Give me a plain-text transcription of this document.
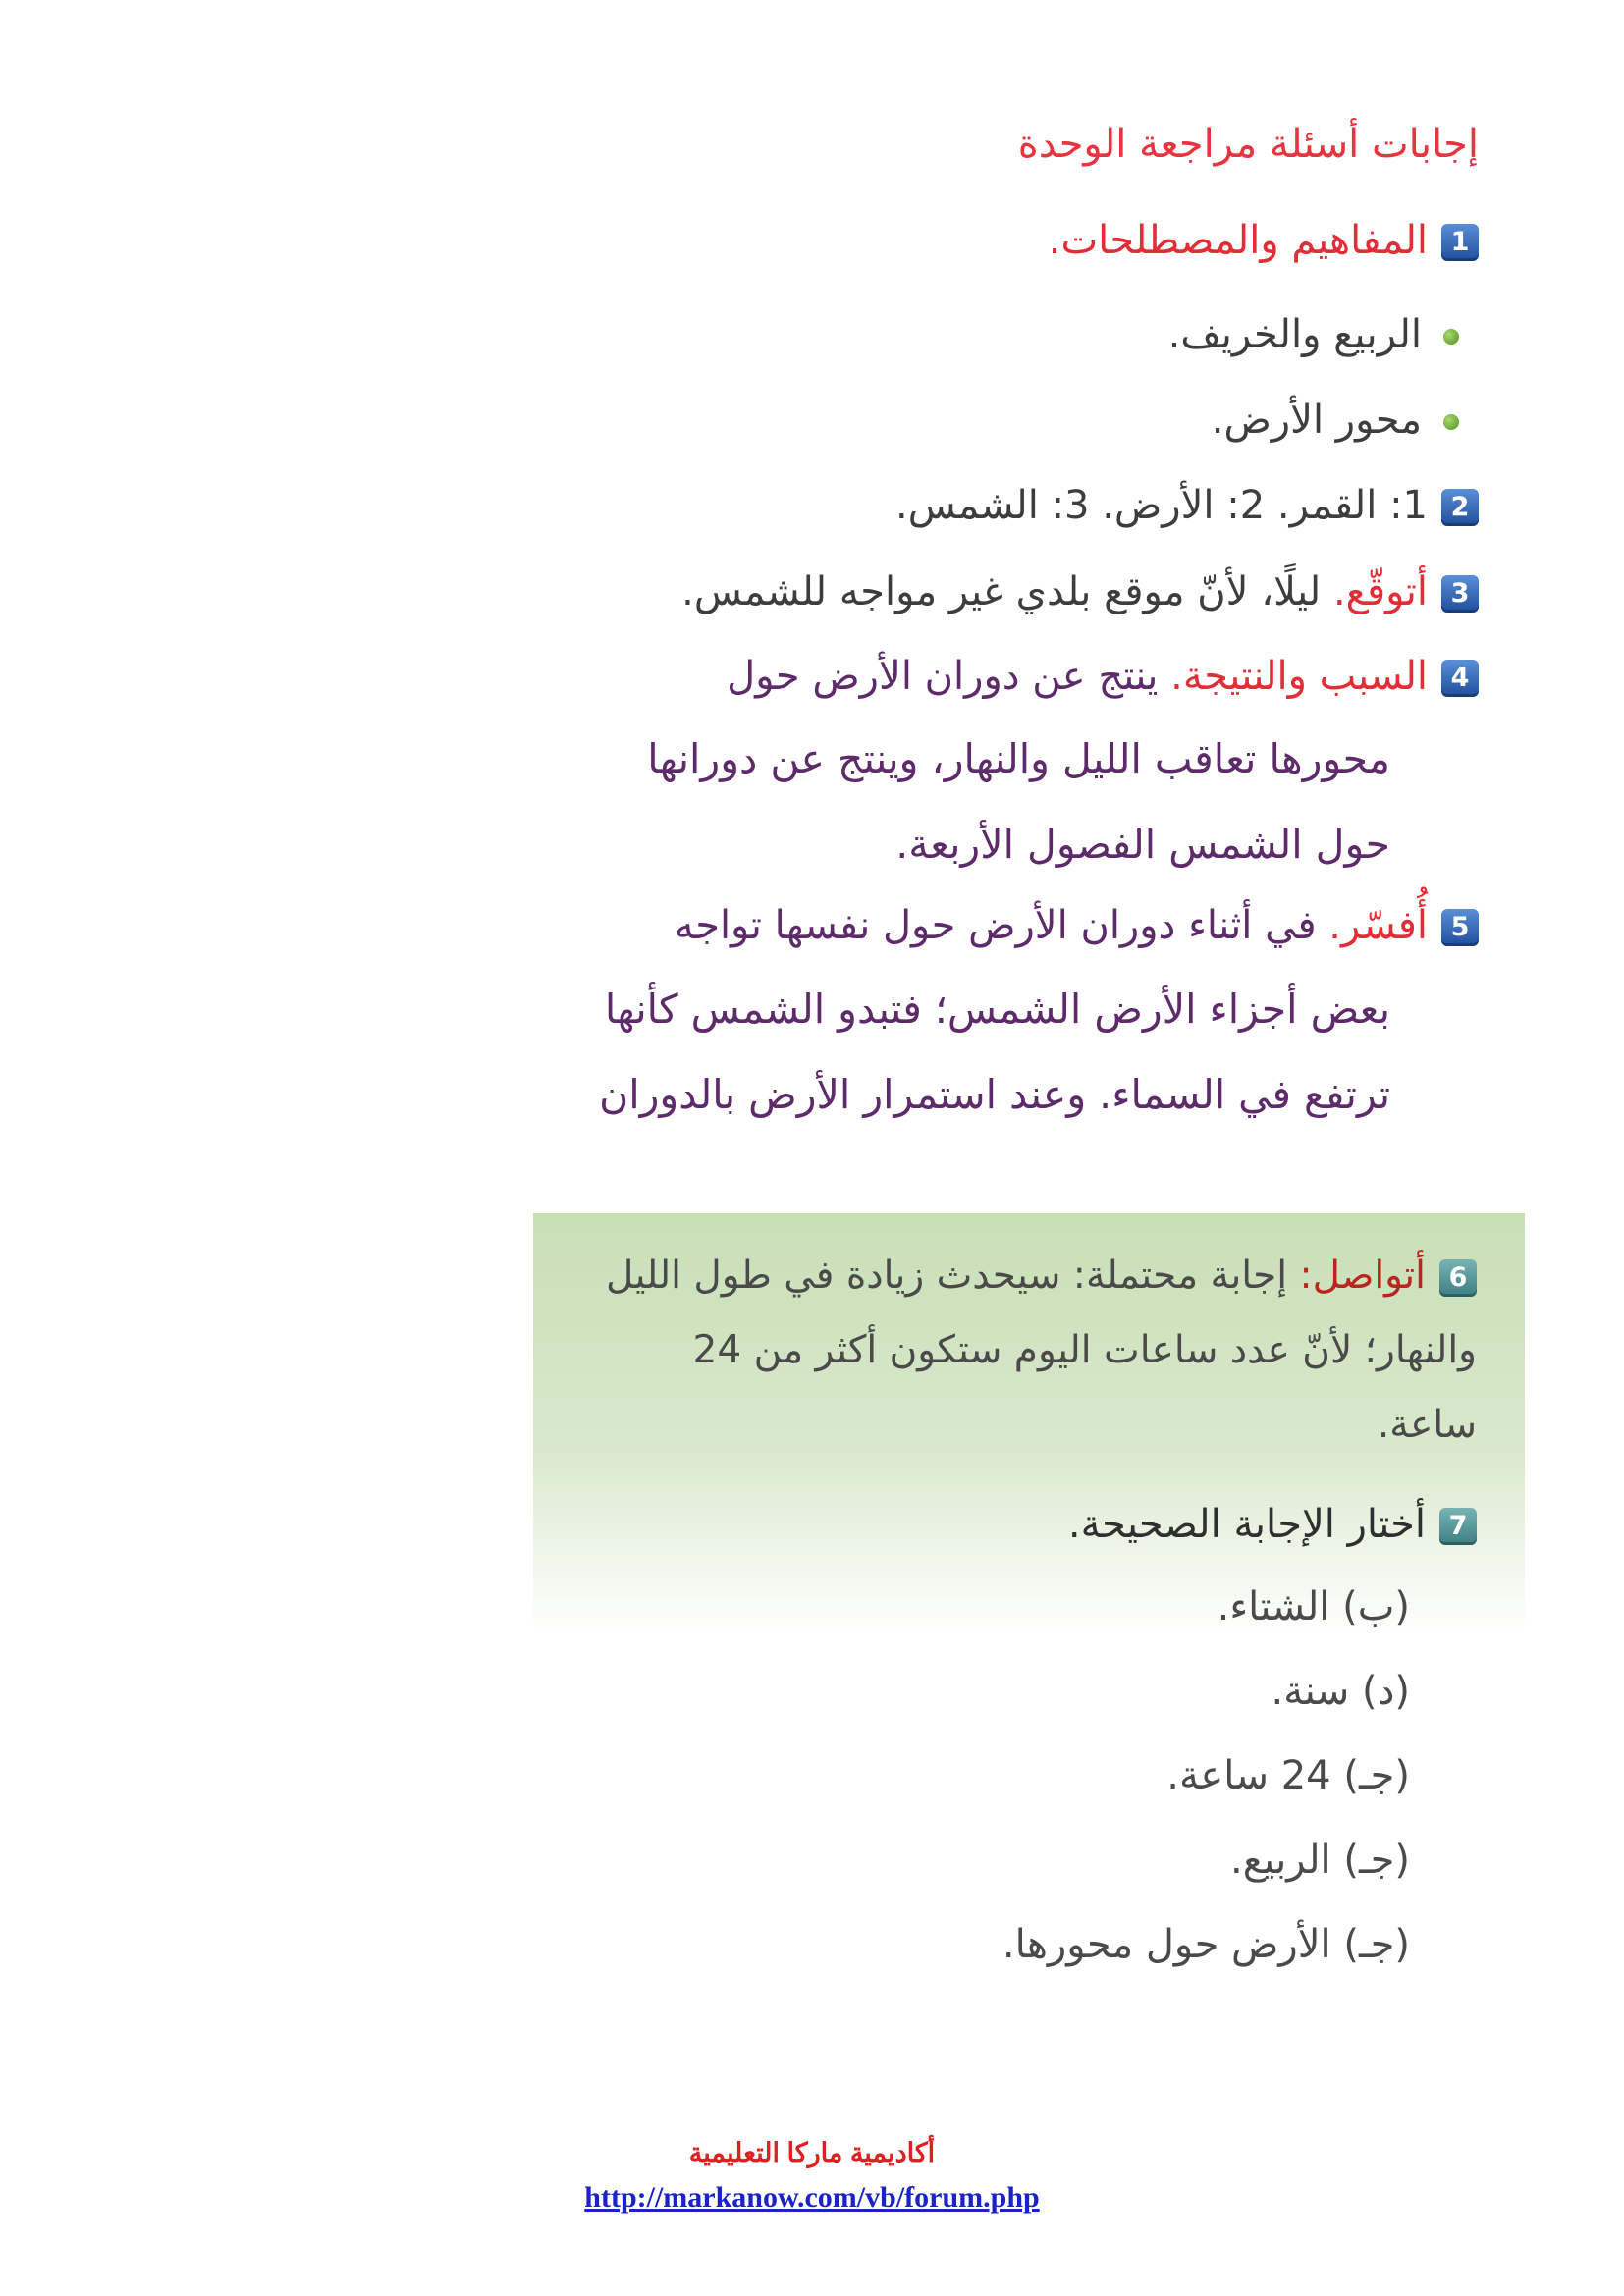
إجابات أسئلة مراجعة الوحدة
1المفاهيم والمصطلحات.
الربيع والخريف.
محور الأرض.
21: القمر. 2: الأرض. 3: الشمس.
3أتوقّع. ليلًا، لأنّ موقع بلدي غير مواجه للشمس.
4السبب والنتيجة. ينتج عن دوران الأرض حول

محورها تعاقب الليل والنهار، وينتج عن دورانها

حول الشمس الفصول الأربعة.

5أُفسّر. في أثناء دوران الأرض حول نفسها تواجه

بعض أجزاء الأرض الشمس؛ فتبدو الشمس كأنها

ترتفع في السماء. وعند استمرار الأرض بالدوران

6أتواصل: إجابة محتملة: سيحدث زيادة في طول الليل

والنهار؛ لأنّ عدد ساعات اليوم ستكون أكثر من 24

ساعة.

7أختار الإجابة الصحيحة.
(ب) الشتاء.
(د) سنة.
(جـ) 24 ساعة.
(جـ) الربيع.
(جـ) الأرض حول محورها.
أكاديمية ماركا التعليمية
http://markanow.com/vb/forum.php
